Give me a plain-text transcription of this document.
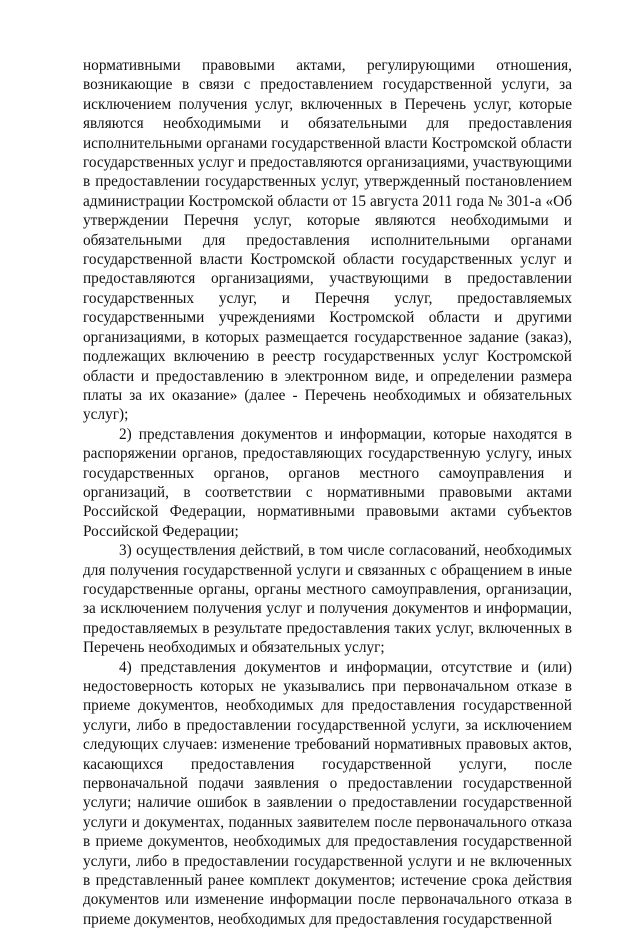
нормативными правовыми актами, регулирующими отношения, возникающие в связи с предоставлением государственной услуги, за исключением получения услуг, включенных в Перечень услуг, которые являются необходимыми и обязательными для предоставления исполнительными органами государственной власти Костромской области государственных услуг и предоставляются организациями, участвующими в предоставлении государственных услуг, утвержденный постановлением администрации Костромской области от 15 августа 2011 года № 301-а «Об утверждении Перечня услуг, которые являются необходимыми и обязательными для предоставления исполнительными органами государственной власти Костромской области государственных услуг и предоставляются организациями, участвующими в предоставлении государственных услуг, и Перечня услуг, предоставляемых государственными учреждениями Костромской области и другими организациями, в которых размещается государственное задание (заказ), подлежащих включению в реестр государственных услуг Костромской области и предоставлению в электронном виде, и определении размера платы за их оказание» (далее - Перечень необходимых и обязательных услуг);

2) представления документов и информации, которые находятся в распоряжении органов, предоставляющих государственную услугу, иных государственных органов, органов местного самоуправления и организаций, в соответствии с нормативными правовыми актами Российской Федерации, нормативными правовыми актами субъектов Российской Федерации;

3) осуществления действий, в том числе согласований, необходимых для получения государственной услуги и связанных с обращением в иные государственные органы, органы местного самоуправления, организации, за исключением получения услуг и получения документов и информации, предоставляемых в результате предоставления таких услуг, включенных в Перечень необходимых и обязательных услуг;

4) представления документов и информации, отсутствие и (или) недостоверность которых не указывались при первоначальном отказе в приеме документов, необходимых для предоставления государственной услуги, либо в предоставлении государственной услуги, за исключением следующих случаев: изменение требований нормативных правовых актов, касающихся предоставления государственной услуги, после первоначальной подачи заявления о предоставлении государственной услуги; наличие ошибок в заявлении о предоставлении государственной услуги и документах, поданных заявителем после первоначального отказа в приеме документов, необходимых для предоставления государственной услуги, либо в предоставлении государственной услуги и не включенных в представленный ранее комплект документов; истечение срока действия документов или изменение информации после первоначального отказа в приеме документов, необходимых для предоставления государственной
